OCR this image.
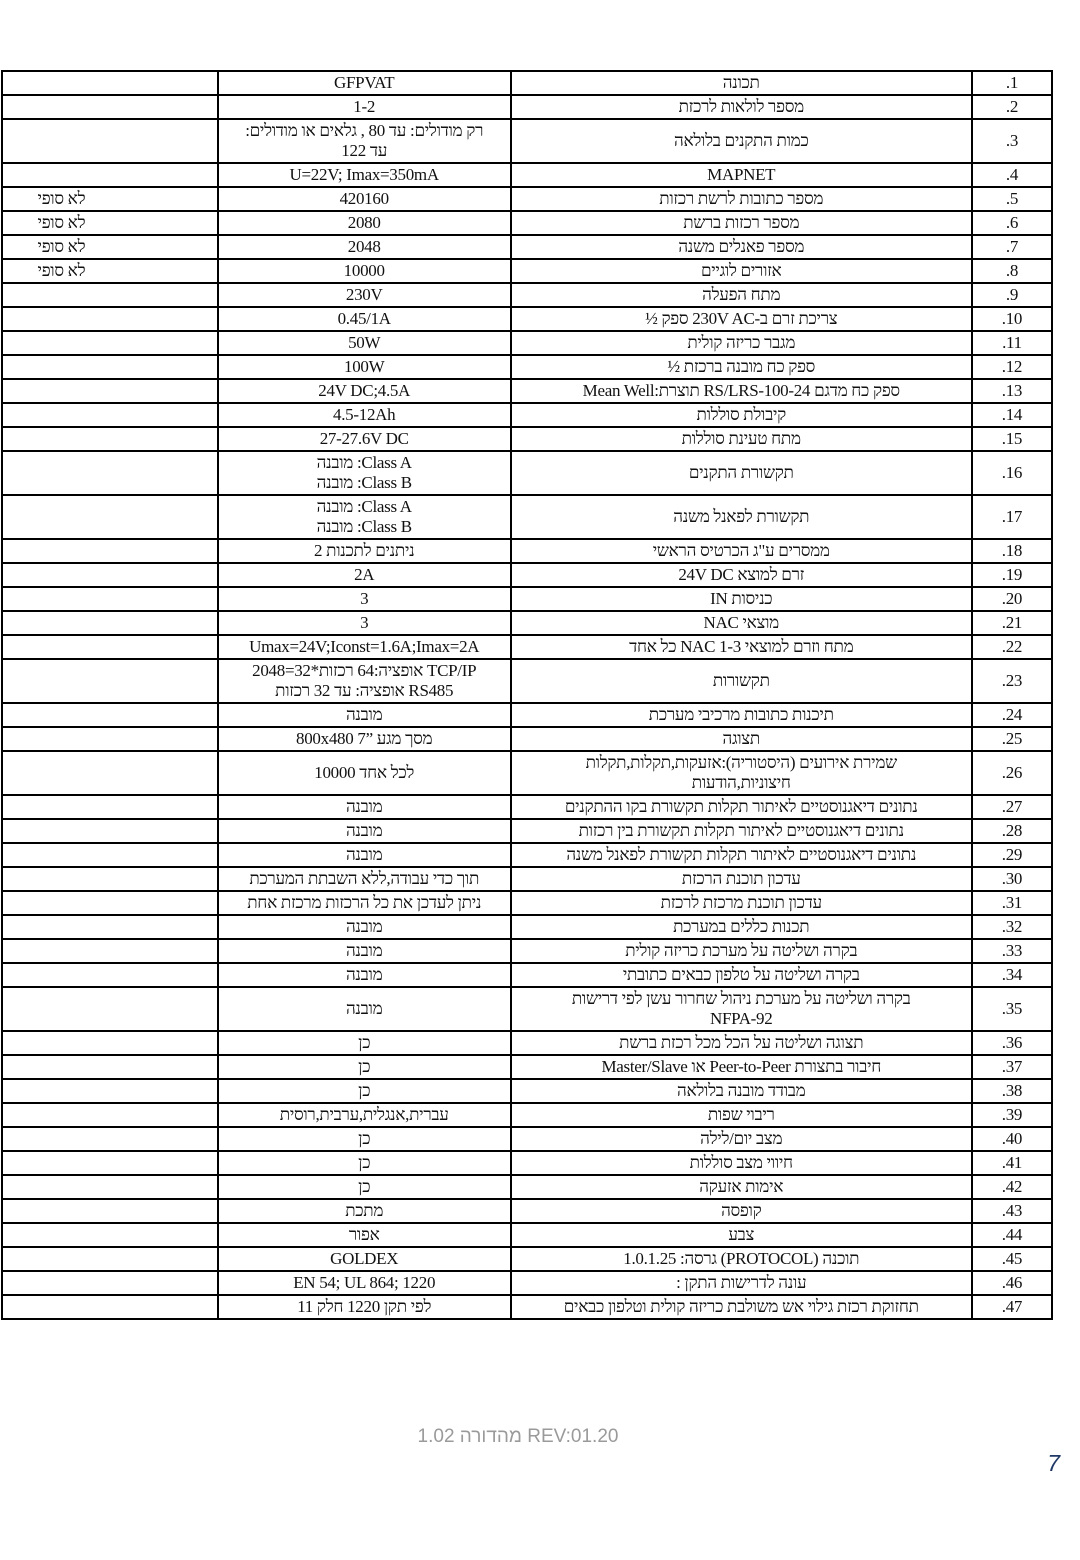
1.	תכונה	GFPVAT	
2.	מספר לולאות לרכזת	1-2	
3.	כמות התקנים בלולאה	רק מודולים: עד 80 , גלאים או מודולים:
עד 122	

4.	MAPNET	U=22V; Imax=350mA	
5.	מספר כתובות לרשת רכזות	420160	לא סופי
6.	מספר רכזות ברשת	2080	לא סופי
7.	מספר פאנלים משנה	2048	לא סופי
8.	אזורים לוגיים	10000	לא סופי
9.	מתח הפעלה	230V	
10.	צריכת זרם ב-230V AC ספק ½	0.45/1A	
11.	מגבר כריזה קולית	50W	
12.	ספק כח מובנה ברכזת ½	100W	
13.	ספק כח מדגם RS/LRS-100-24 תוצרת:Mean Well	24V DC;4.5A	
14.	קיבולת סוללות	4.5-12Ah	
15.	מתח טעינת סוללות	27-27.6V DC	
16.	תקשורת התקנים	Class A: מובנה
Class B: מובנה	

17.	תקשורת לפאנל משנה	Class A: מובנה
Class B: מובנה	

18.	ממסרים ע"ג הכרטיס הראשי	ניתנים לתכנות 2	
19.	זרם למוצא 24V DC	2A	
20.	כניסות IN	3	
21.	מוצאי NAC	3	
22.	מתח וזרם למוצאי NAC 1-3 כל אחד	Umax=24V;Iconst=1.6A;Imax=2A	
23.	תקשורות	TCP/IP אופציה:64 רכזות*32=2048
RS485 אופציה: עד 32 רכזות	

24.	תיכנות כתובות מרכיבי מערכת	מובנה	
25.	תצוגה	מסך מגע ”7 800x480	
26.	שמירת אירועים (היסטוריה):אזעקות,תקלות,תקלות
חיצוניות,הודעות	לכל אחד 10000	
27.	נתונים דיאגנוסטיים לאיתור תקלות תקשורת בקו ההתקנים	מובנה	
28.	נתונים דיאגנוסטיים לאיתור תקלות תקשורת בין רכזות	מובנה	
29.	נתונים דיאגנוסטיים לאיתור תקלות תקשורת לפאנל משנה	מובנה	
30.	עדכון תוכנת הרכזת	תוך כדי עבודה,ללא השבתת המערכת	
31.	עדכון תוכנת מרכזת לרכזת	ניתן לעדכן את כל הרכזות מרכזת אחת	
32.	תכנות כללים במערכת	מובנה	
33.	בקרה ושליטה על מערכת כריזה קולית	מובנה	
34.	בקרה ושליטה על טלפון כבאים כתובתי	מובנה	
35.	בקרה ושליטה על מערכת ניהול שחרור עשן לפי דרישות
NFPA-92	מובנה	
36.	תצוגה ושליטה על הכל מכל רכזת ברשת	כן	
37.	חיבור בתצורת Peer-to-Peer או Master/Slave	כן	
38.	מבודד מובנה בלולאה	כן	
39.	ריבוי שפות	עברית,אנגלית,ערבית,רוסית	
40.	מצב יום/לילה	כן	
41.	חיווי מצב סוללות	כן	
42.	אימות אזעקה	כן	
43.	קופסה	מתכת	
44.	צבע	אפור	
45.	תוכנה (PROTOCOL) גרסה: 1.0.1.25	GOLDEX	
46.	עונה לדרישות התקן :	EN 54; UL 864; 1220	
47.	תחזוקת רכזת גילוי אש משולבת כריזה קולית וטלפון כבאים	לפי תקן 1220 חלק 11	
REV:01.20 מהדורה 1.02
7
